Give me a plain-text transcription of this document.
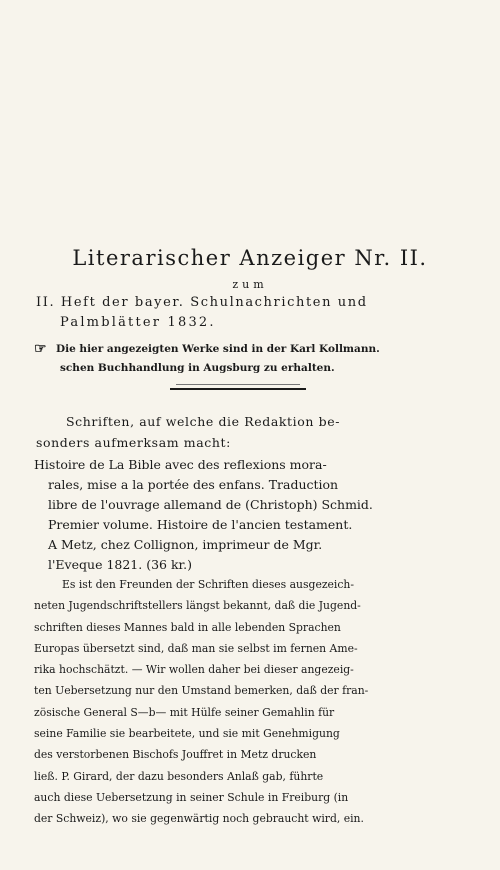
Literarischer Anzeiger Nr. II.
zum
II. Heft der bayer. Schulnachrichten und
Palmblätter 1832.
☞ Die hier angezeigten Werke sind in der Karl Kollmann.
schen Buchhandlung in Augsburg zu erhalten.
Schriften, auf welche die Redaktion be-
sonders aufmerksam macht:
Histoire de La Bible avec des reflexions mora-
rales, mise a la portée des enfans. Traduction
libre de l'ouvrage allemand de (Christoph) Schmid.
Premier volume. Histoire de l'ancien testament.
A Metz, chez Collignon, imprimeur de Mgr.
l'Eveque 1821. (36 kr.)
Es ist den Freunden der Schriften dieses ausgezeich-
neten Jugendschriftstellers längst bekannt, daß die Jugend-
schriften dieses Mannes bald in alle lebenden Sprachen
Europas übersetzt sind, daß man sie selbst im fernen Ame-
rika hochschätzt. — Wir wollen daher bei dieser angezeig-
ten Uebersetzung nur den Umstand bemerken, daß der fran-
zösische General S—b— mit Hülfe seiner Gemahlin für
seine Familie sie bearbeitete, und sie mit Genehmigung
des verstorbenen Bischofs Jouffret in Metz drucken
ließ. P. Girard, der dazu besonders Anlaß gab, führte
auch diese Uebersetzung in seiner Schule in Freiburg (in
der Schweiz), wo sie gegenwärtig noch gebraucht wird, ein.
